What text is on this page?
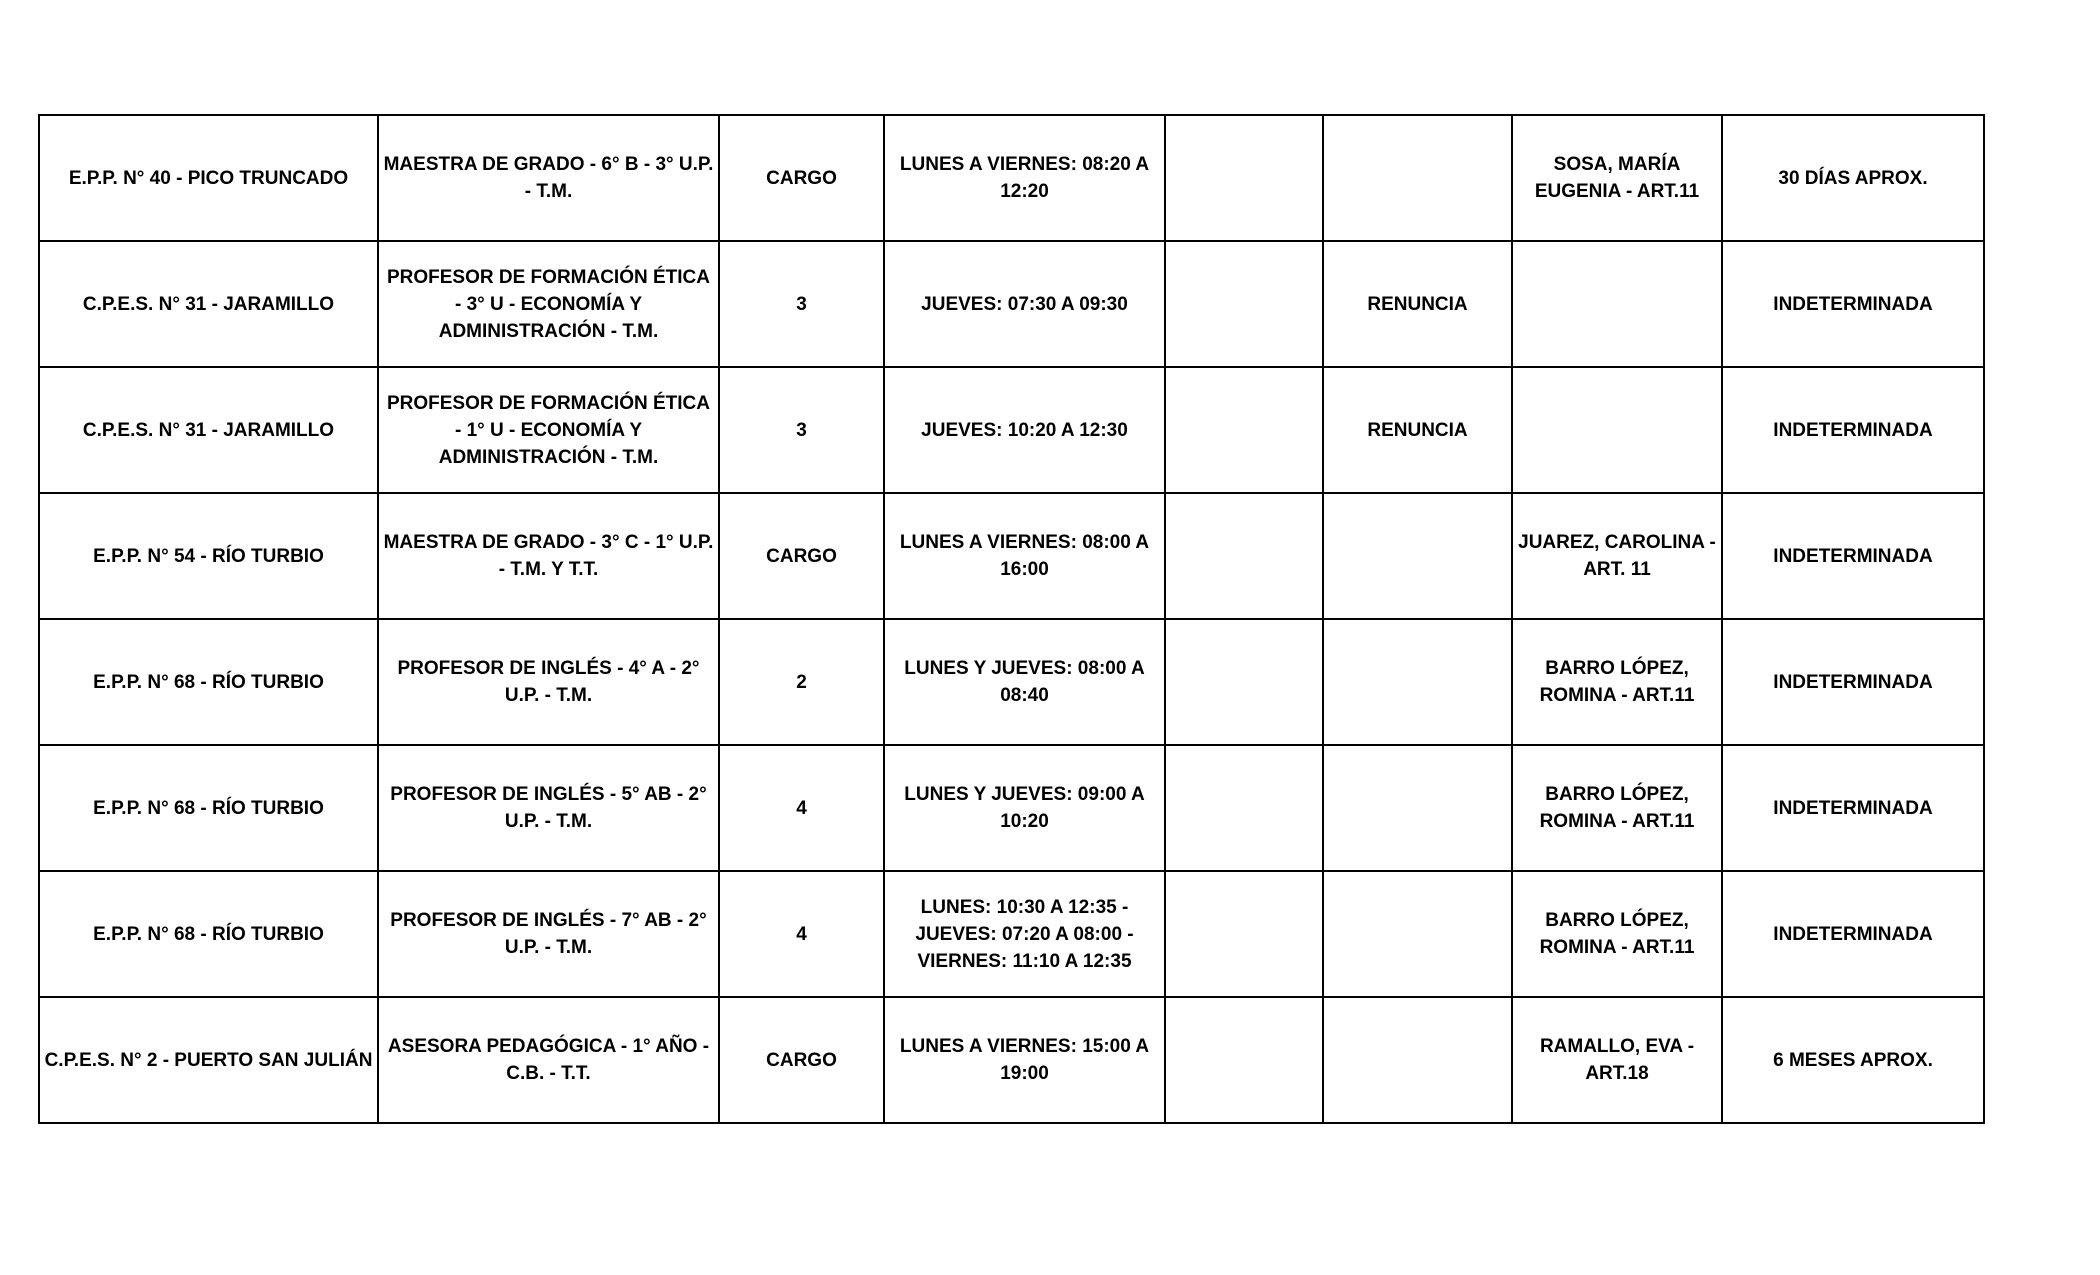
E.P.P. N° 40 - PICO TRUNCADO	MAESTRA DE GRADO - 6° B - 3° U.P. - T.M.	CARGO	LUNES A VIERNES: 08:20 A 12:20			SOSA, MARÍA EUGENIA - ART.11	30 DÍAS APROX.
C.P.E.S. N° 31 - JARAMILLO	PROFESOR DE FORMACIÓN ÉTICA - 3° U - ECONOMÍA Y ADMINISTRACIÓN - T.M.	3	JUEVES: 07:30 A 09:30		RENUNCIA		INDETERMINADA
C.P.E.S. N° 31 - JARAMILLO	PROFESOR DE FORMACIÓN ÉTICA - 1° U - ECONOMÍA Y ADMINISTRACIÓN - T.M.	3	JUEVES: 10:20 A 12:30		RENUNCIA		INDETERMINADA
E.P.P. N° 54 - RÍO TURBIO	MAESTRA DE GRADO - 3° C - 1° U.P. - T.M. Y T.T.	CARGO	LUNES A VIERNES: 08:00 A 16:00			JUAREZ, CAROLINA - ART. 11	INDETERMINADA
E.P.P. N° 68 - RÍO TURBIO	PROFESOR DE INGLÉS - 4° A - 2° U.P. - T.M.	2	LUNES Y JUEVES: 08:00 A 08:40			BARRO LÓPEZ, ROMINA - ART.11	INDETERMINADA
E.P.P. N° 68 - RÍO TURBIO	PROFESOR DE INGLÉS - 5° AB - 2° U.P. - T.M.	4	LUNES Y JUEVES: 09:00 A 10:20			BARRO LÓPEZ, ROMINA - ART.11	INDETERMINADA
E.P.P. N° 68 - RÍO TURBIO	PROFESOR DE INGLÉS - 7° AB - 2° U.P. - T.M.	4	LUNES: 10:30 A 12:35 - JUEVES: 07:20 A 08:00 - VIERNES: 11:10 A 12:35			BARRO LÓPEZ, ROMINA - ART.11	INDETERMINADA
C.P.E.S. N° 2 - PUERTO SAN JULIÁN	ASESORA PEDAGÓGICA - 1° AÑO - C.B. - T.T.	CARGO	LUNES A VIERNES: 15:00 A 19:00			RAMALLO, EVA - ART.18	6 MESES APROX.
